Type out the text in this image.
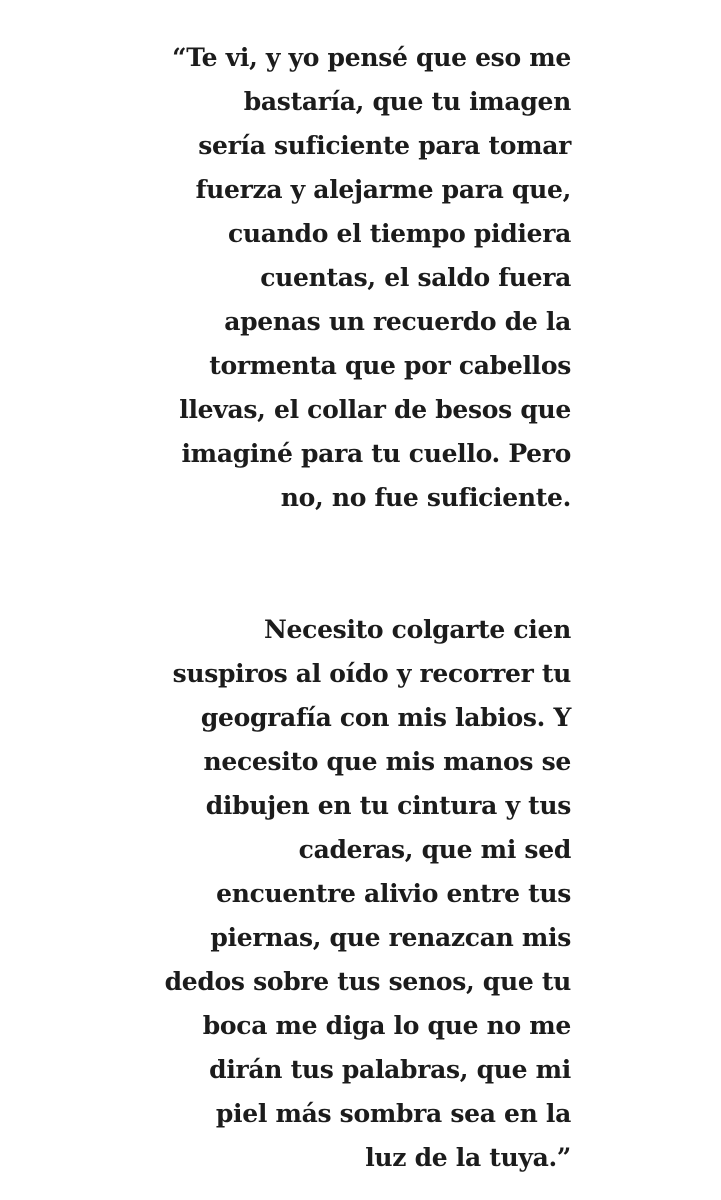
“Te vi, y yo pensé que eso me
bastaría, que tu imagen
sería suficiente para tomar
fuerza y alejarme para que,
cuando el tiempo pidiera
cuentas, el saldo fuera
apenas un recuerdo de la
tormenta que por cabellos
llevas, el collar de besos que
imaginé para tu cuello. Pero
no, no fue suficiente.
Necesito colgarte cien
suspiros al oído y recorrer tu
geografía con mis labios. Y
necesito que mis manos se
dibujen en tu cintura y tus
caderas, que mi sed
encuentre alivio entre tus
piernas, que renazcan mis
dedos sobre tus senos, que tu
boca me diga lo que no me
dirán tus palabras, que mi
piel más sombra sea en la
luz de la tuya.”
